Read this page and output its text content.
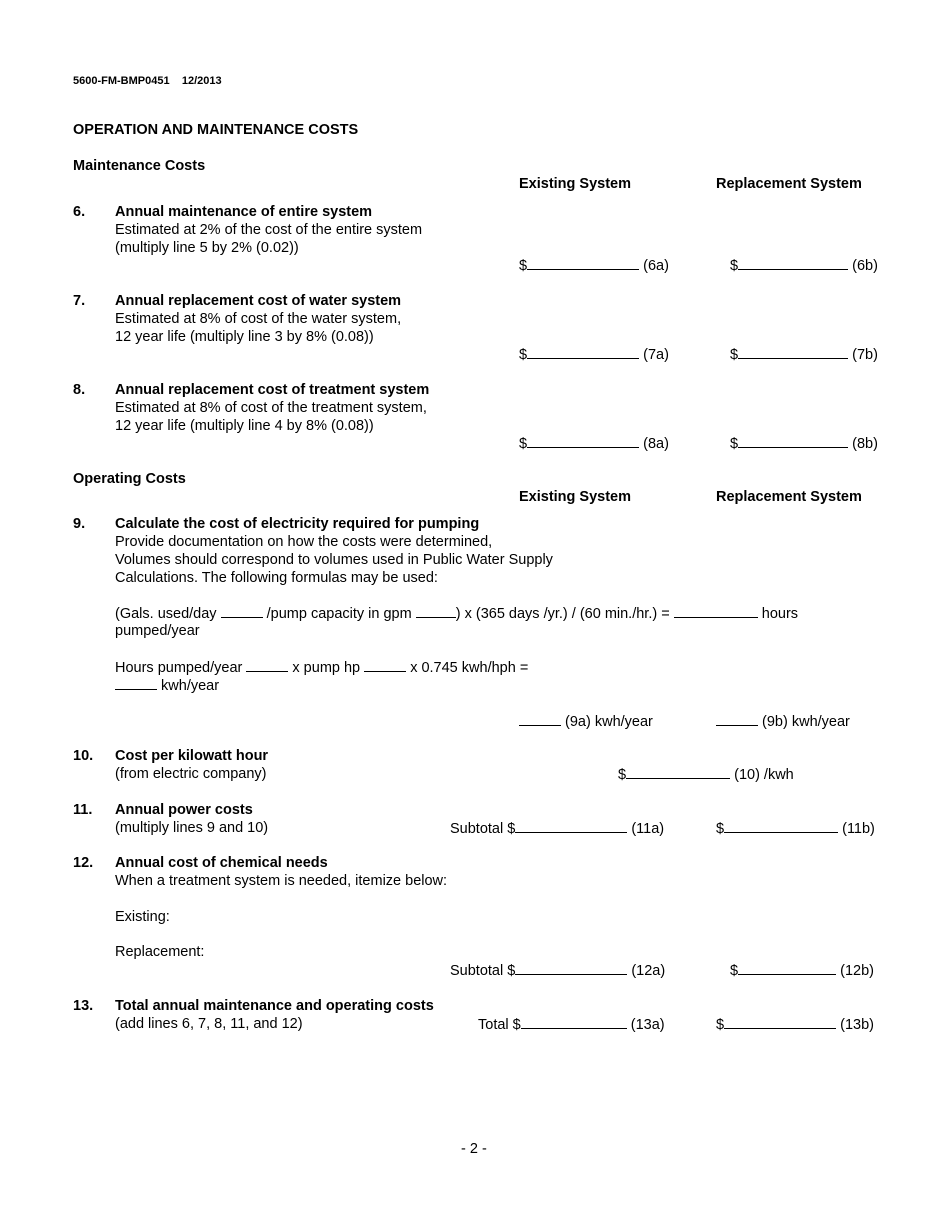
5600-FM-BMP0451 12/2013
OPERATION AND MAINTENANCE COSTS
Maintenance Costs
Existing System	Replacement System
6. Annual maintenance of entire system
Estimated at 2% of the cost of the entire system
(multiply line 5 by 2% (0.02))
$	(6a)	$	(6b)
7. Annual replacement cost of water system
Estimated at 8% of cost of the water system,
12 year life (multiply line 3 by 8% (0.08))
$	(7a)	$	(7b)
8. Annual replacement cost of treatment system
Estimated at 8% of cost of the treatment system,
12 year life (multiply line 4 by 8% (0.08))
$	(8a)	$	(8b)
Operating Costs
Existing System	Replacement System
9. Calculate the cost of electricity required for pumping
Provide documentation on how the costs were determined,
Volumes should correspond to volumes used in Public Water Supply
Calculations. The following formulas may be used:
(Gals. used/day	/pump capacity in gpm	) x (365 days /yr.) / (60 min./hr.) =	hours
pumped/year
Hours pumped/year	x pump hp	x 0.745 kwh/hph =
kwh/year
(9a) kwh/year	(9b) kwh/year
10. Cost per kilowatt hour
(from electric company)	$	(10) /kwh
11. Annual power costs
(multiply lines 9 and 10)	Subtotal $	(11a)	$	(11b)
12. Annual cost of chemical needs
When a treatment system is needed, itemize below:
Existing:
Replacement:
Subtotal $	(12a)	$	(12b)
13. Total annual maintenance and operating costs
(add lines 6, 7, 8, 11, and 12)	Total $	(13a)	$	(13b)
- 2 -
